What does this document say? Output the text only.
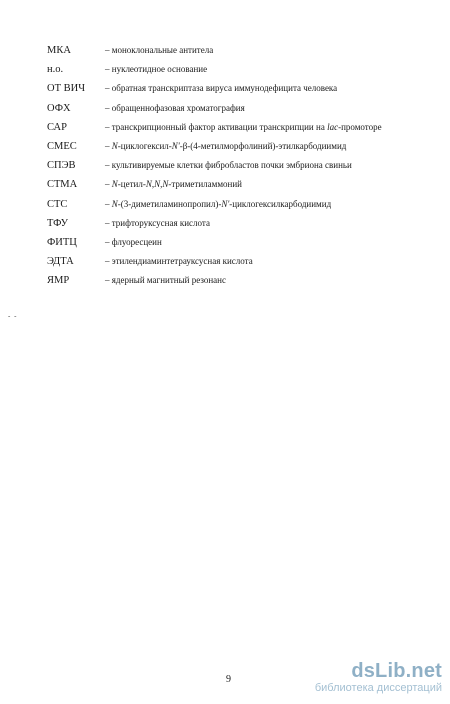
МКА	– моноклональные антитела
н.о.	– нуклеотидное основание
ОТ ВИЧ	– обратная транскриптаза вируса иммунодефицита человека
ОФХ	– обращеннофазовая хроматография
САР	– транскрипционный фактор активации транскрипции на lac-промоторе
СМЕС	– N-циклогексил-N'-β-(4-метилморфолиний)-этилкарбодиимид
СПЭВ	– культивируемые клетки фибробластов почки эмбриона свиньи
СТМА	– N-цетил-N,N,N-триметиламмоний
СТС	– N-(3-диметиламинопропил)-N'-циклогексилкарбодиимид
ТФУ	– трифторуксусная кислота
ФИТЦ	– флуоресцеин
ЭДТА	– этилендиаминтетрауксусная кислота
ЯМР	– ядерный магнитный резонанс
- -
9	dsLib.net
библиотека диссертаций
